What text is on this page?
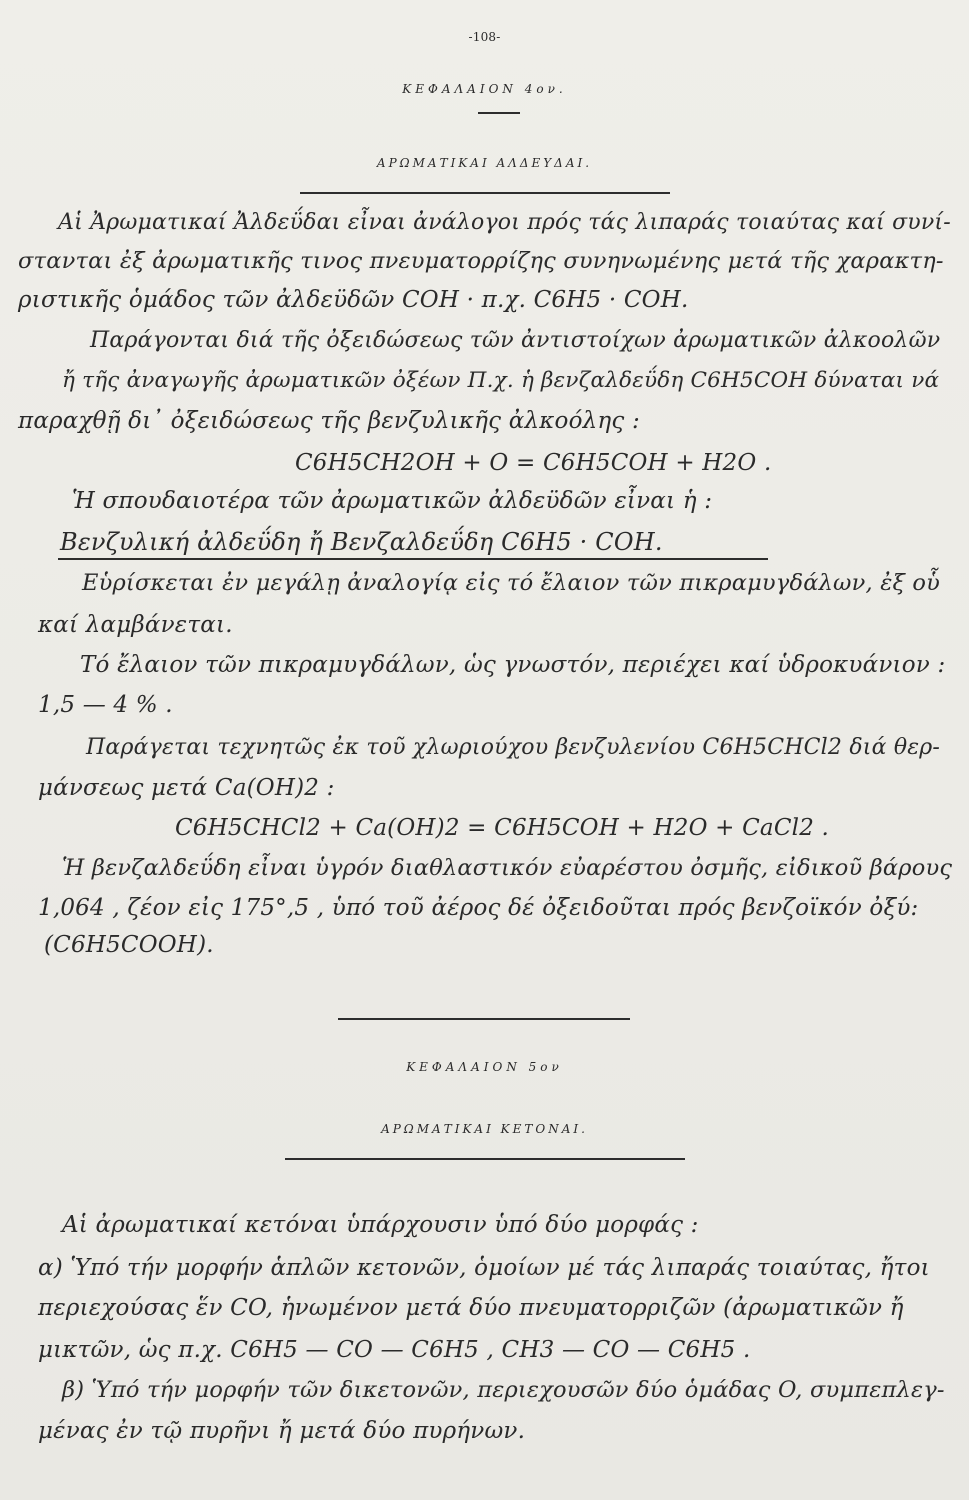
-108-
ΚΕΦΑΛΑΙΟΝ 4ον.
ΑΡΩΜΑΤΙΚΑΙ ΑΛΔΕΥΔΑΙ.
Αἱ Ἀρωματικαί Ἀλδεΰδαι εἶναι ἀνάλογοι πρός τάς λιπαράς τοιαύτας καί συνί-
στανται ἐξ ἀρωματικῆς τινος πνευματορρίζης συνηνωμένης μετά τῆς χαρακτη-
ριστικῆς ὁμάδος τῶν ἀλδεϋδῶν COH · π.χ. C6H5 · COH.
Παράγονται διά τῆς ὀξειδώσεως τῶν ἀντιστοίχων ἀρωματικῶν ἀλκοολῶν
ἤ τῆς ἀναγωγῆς ἀρωματικῶν ὀξέων Π.χ. ἡ βενζαλδεΰδη C6H5COH δύναται νά
παραχθῇ δι᾽ ὀξειδώσεως τῆς βενζυλικῆς ἀλκοόλης :
C6H5CH2OH + O = C6H5COH + H2O .
Ἡ σπουδαιοτέρα τῶν ἀρωματικῶν ἀλδεϋδῶν εἶναι ἡ :
Βενζυλική ἀλδεΰδη ἤ Βενζαλδεΰδη C6H5 · COH.
Εὑρίσκεται ἐν μεγάλῃ ἀναλογίᾳ εἰς τό ἔλαιον τῶν πικραμυγδάλων, ἐξ οὗ
καί λαμβάνεται.
Τό ἔλαιον τῶν πικραμυγδάλων, ὡς γνωστόν, περιέχει καί ὑδροκυάνιον :
1,5 — 4 % .
Παράγεται τεχνητῶς ἐκ τοῦ χλωριούχου βενζυλενίου C6H5CHCl2 διά θερ-
μάνσεως μετά Ca(OH)2 :
C6H5CHCl2 + Ca(OH)2 = C6H5COH + H2O + CaCl2 .
Ἡ βενζαλδεΰδη εἶναι ὑγρόν διαθλαστικόν εὐαρέστου ὀσμῆς, εἰδικοῦ βάρους
1,064 , ζέον εἰς 175°,5 , ὑπό τοῦ ἀέρος δέ ὀξειδοῦται πρός βενζοϊκόν ὀξύ:
(C6H5COOH).
ΚΕΦΑΛΑΙΟΝ 5ον
ΑΡΩΜΑΤΙΚΑΙ ΚΕΤΟΝΑΙ.
Αἱ ἀρωματικαί κετόναι ὑπάρχουσιν ὑπό δύο μορφάς :
α) Ὑπό τήν μορφήν ἁπλῶν κετονῶν, ὁμοίων μέ τάς λιπαράς τοιαύτας, ἤτοι
περιεχούσας ἕν CO, ἡνωμένον μετά δύο πνευματορριζῶν (ἀρωματικῶν ἤ
μικτῶν, ὡς π.χ. C6H5 — CO — C6H5 , CH3 — CO — C6H5 .
β) Ὑπό τήν μορφήν τῶν δικετονῶν, περιεχουσῶν δύο ὁμάδας O, συμπεπλεγ-
μένας ἐν τῷ πυρῆνι ἤ μετά δύο πυρήνων.
